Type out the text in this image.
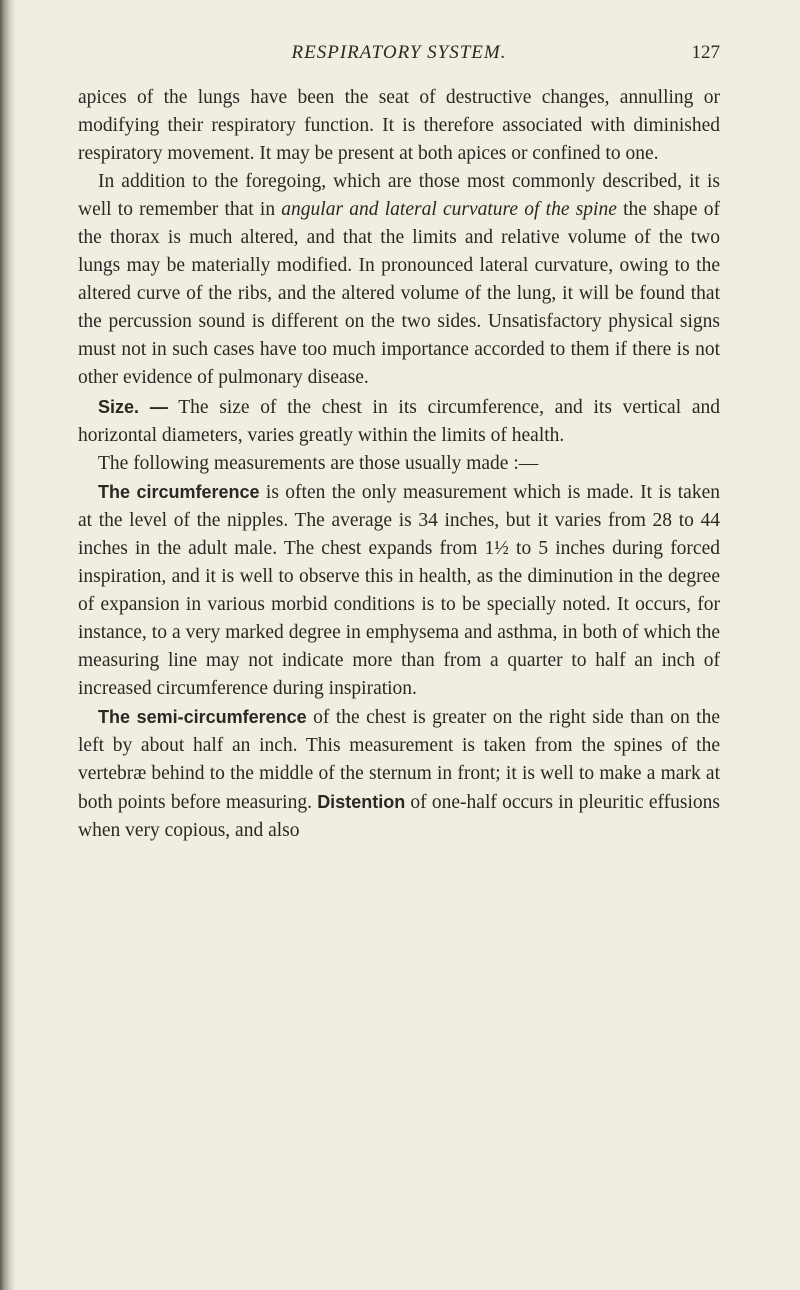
RESPIRATORY SYSTEM.	127

apices of the lungs have been the seat of destructive changes, annulling or modifying their respiratory function. It is therefore associated with diminished respiratory movement. It may be present at both apices or confined to one.

In addition to the foregoing, which are those most commonly described, it is well to remember that in angular and lateral curvature of the spine the shape of the thorax is much altered, and that the limits and relative volume of the two lungs may be materially modified. In pronounced lateral curvature, owing to the altered curve of the ribs, and the altered volume of the lung, it will be found that the percussion sound is different on the two sides. Unsatisfactory physical signs must not in such cases have too much importance accorded to them if there is not other evidence of pulmonary disease.

Size. — The size of the chest in its circumference, and its vertical and horizontal diameters, varies greatly within the limits of health.

The following measurements are those usually made :—

The circumference is often the only measurement which is made. It is taken at the level of the nipples. The average is 34 inches, but it varies from 28 to 44 inches in the adult male. The chest expands from 1½ to 5 inches during forced inspiration, and it is well to observe this in health, as the diminution in the degree of expansion in various morbid conditions is to be specially noted. It occurs, for instance, to a very marked degree in emphysema and asthma, in both of which the measuring line may not indicate more than from a quarter to half an inch of increased circumference during inspiration.

The semi-circumference of the chest is greater on the right side than on the left by about half an inch. This measurement is taken from the spines of the vertebræ behind to the middle of the sternum in front; it is well to make a mark at both points before measuring. Distention of one-half occurs in pleuritic effusions when very copious, and also
